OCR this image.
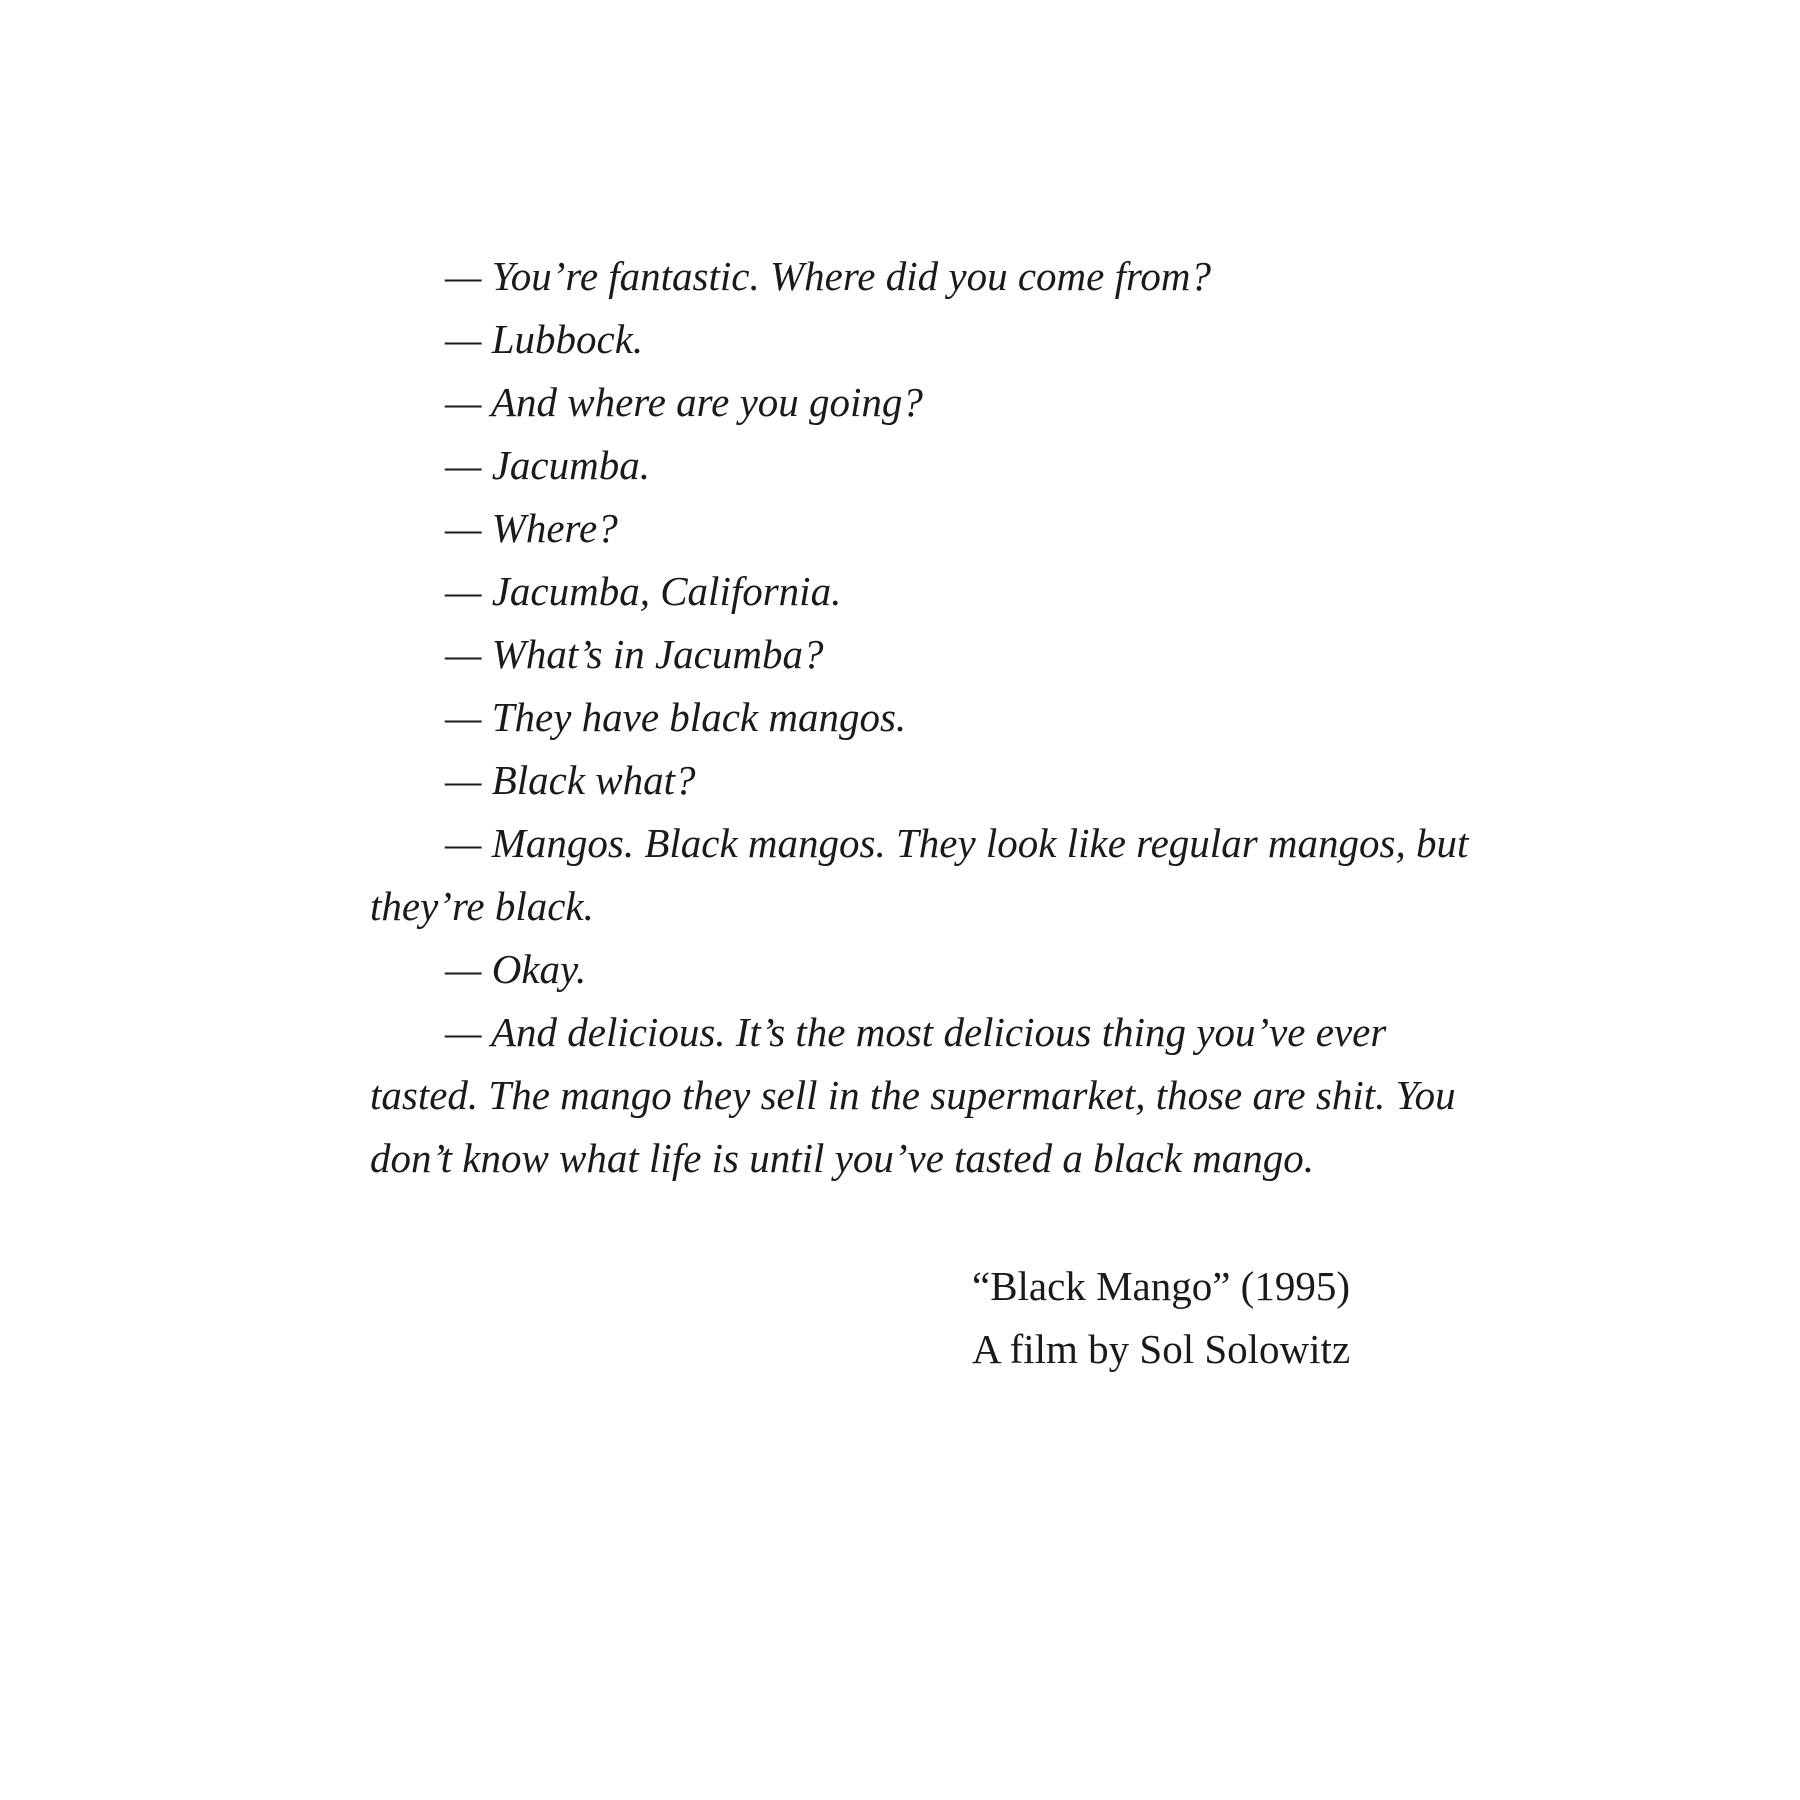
— You’re fantastic. Where did you come from?

— Lubbock.

— And where are you going?

— Jacumba.

— Where?

— Jacumba, California.

— What’s in Jacumba?

— They have black mangos.

— Black what?

— Mangos. Black mangos. They look like regular mangos, but they’re black.

— Okay.

— And delicious. It’s the most delicious thing you’ve ever tasted. The mango they sell in the supermarket, those are shit. You don’t know what life is until you’ve tasted a black mango.

“Black Mango” (1995)
A film by Sol Solowitz
